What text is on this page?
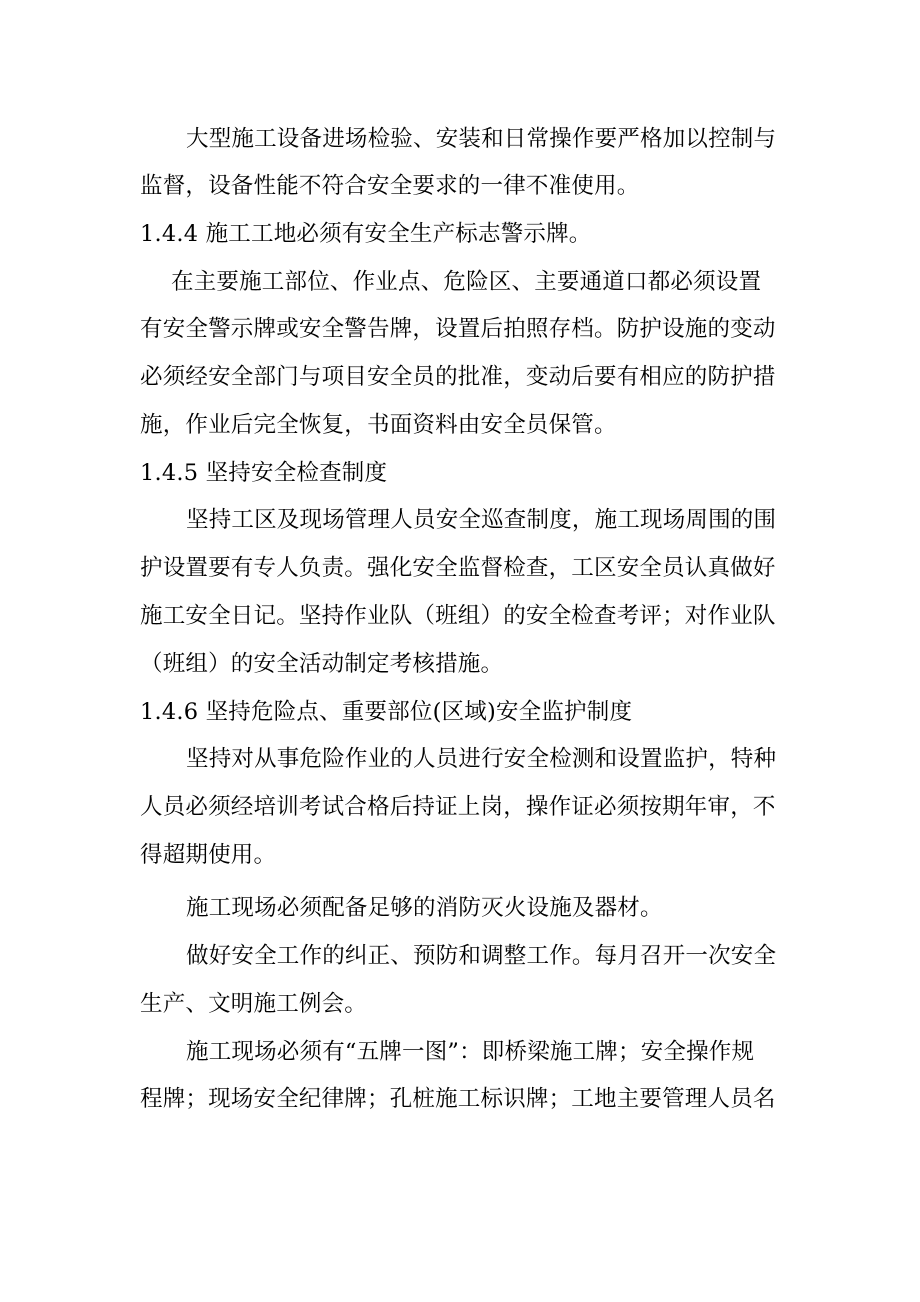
大型施工设备进场检验、安装和日常操作要严格加以控制与
监督，设备性能不符合安全要求的一律不准使用。
1.4.4 施工工地必须有安全生产标志警示牌。
在主要施工部位、作业点、危险区、主要通道口都必须设置
有安全警示牌或安全警告牌，设置后拍照存档。防护设施的变动
必须经安全部门与项目安全员的批准，变动后要有相应的防护措
施，作业后完全恢复，书面资料由安全员保管。
1.4.5 坚持安全检查制度
坚持工区及现场管理人员安全巡查制度，施工现场周围的围
护设置要有专人负责。强化安全监督检查，工区安全员认真做好
施工安全日记。坚持作业队（班组）的安全检查考评；对作业队
（班组）的安全活动制定考核措施。
1.4.6 坚持危险点、重要部位(区域)安全监护制度
坚持对从事危险作业的人员进行安全检测和设置监护，特种
人员必须经培训考试合格后持证上岗，操作证必须按期年审，不
得超期使用。
施工现场必须配备足够的消防灭火设施及器材。
做好安全工作的纠正、预防和调整工作。每月召开一次安全
生产、文明施工例会。
施工现场必须有“五牌一图”：即桥梁施工牌；安全操作规
程牌；现场安全纪律牌；孔桩施工标识牌；工地主要管理人员名
